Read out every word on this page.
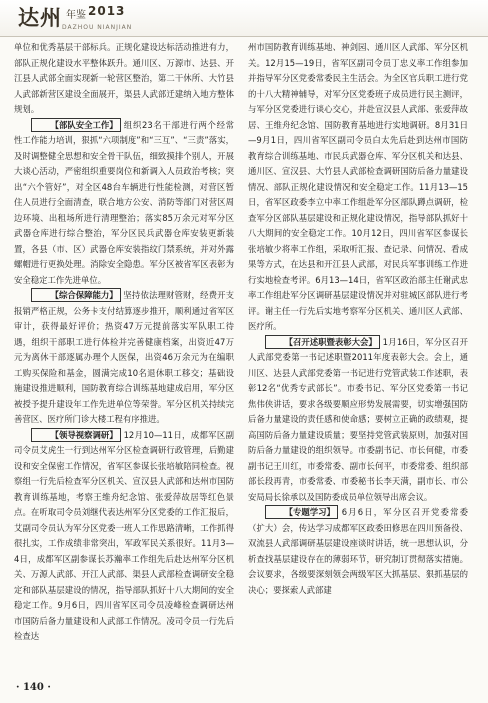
达州 年鉴 2013
DAZHOU NIANJIAN

单位和优秀基层干部标兵。正规化建设达标活动推进有力，部队正规化建设水平整体跃升。通川区、万源市、达县、开江县人武部全面实现新一轮营区整治，第二干休所、大竹县人武部新营区建设全面展开，渠县人武部迁建纳入地方整体规划。

【部队安全工作】 组织23名干部进行两个经常性工作能力培训，狠抓“六项制度”和“三互”、“三责”落实，及时调整健全思想和安全骨干队伍，细致摸排个别人，开展大谈心活动，严密组织重要岗位和新调入人员政治考核；突出“六个管好”，对全区48台车辆进行性能检测，对营区暂住人员进行全面清查，联合地方公安、消防等部门对营区周边环境、出租场所进行清理整治；落实85万余元对军分区武器仓库进行综合整治，军分区民兵武器仓库安装更新装置，各县（市、区）武器仓库安装指纹门禁系统，并对外露螺帽进行更换处理。消除安全隐患。军分区被省军区表彰为安全稳定工作先进单位。

【综合保障能力】 坚持依法理财管财，经费开支报销严格正规，公务卡支付结算逐步推开，顺利通过省军区审计，获得最好评价；热资47万元提前落实军队职工待遇，组织干部职工进行体检并完善健康档案，出资近47万元为离休干部逐属办理个人医保，出资46万余元为在编职工购买保险和基金，圆满完成10名退休职工移交；基础设施建设推进顺利，国防教育综合训练基地建成启用，军分区被授予提升建设年工作先进单位等荣誉。军分区机关持续完善营区、医疗所门诊大楼工程有序推进。

【领导视察调研】 12月10—11日，成都军区副司令员艾虎生一行到达州军分区检查调研行政管理，后勤建设和安全保密工作情况，省军区参谋长张培敏陪同检查。视察组一行先后检查军分区机关、宣汉县人武部和达州市国防教育训练基地，考察王维舟纪念馆、张爱萍故居等红色景点。在听取司令员刘继代表达州军分区党委的工作汇报后，艾副司令员认为军分区党委一班人工作思路清晰，工作抓得很扎实，工作成绩非常突出，军政军民关系很好。11月3—4日，成都军区副参谋长苏瀚率工作组先后赴达州军分区机关、万源人武部、开江人武部、渠县人武部检查调研安全稳定和部队基层建设的情况，指导部队抓好十八大期间的安全稳定工作。9月6日，四川省军区司令员凌峰检查调研达州市国防后备力量建设和人武部工作情况。凌司令员一行先后检查达

州市国防教育训练基地、神剑园、通川区人武部、军分区机关。12月15—19日，省军区副司令员丁忠义率工作组参加并指导军分区党委常委民主生活会。为全区官兵职工进行党的十八大精神辅导，对军分区党委班子成员进行民主测评，与军分区党委进行谈心交心，并赴宣汉县人武部、张爱萍故居、王维舟纪念馆、国防教育基地进行实地调研。8月31日—9月1日，四川省军区副司令员白太先后赴到达州市国防教育综合训练基地、市民兵武器仓库、军分区机关和达县、通川区、宣汉县、大竹县人武部检查调研国防后备力量建设情况、部队正规化建设情况和安全稳定工作。11月13—15日，省军区政委李立中率工作组赴军分区部队蹲点调研，检查军分区部队基层建设和正规化建设情况，指导部队抓好十八大期间的安全稳定工作。10月12日，四川省军区参谋长张培敏少将率工作组，采取听汇报、查记录、问情况、看成果等方式，在达县和开江县人武部，对民兵军事训练工作进行实地检查考评。6月13—14日，省军区政治部主任谢武忠率工作组赴军分区调研基层建设情况并对驻城区部队进行考评。谢主任一行先后实地考察军分区机关、通川区人武部、医疗所。

【召开述职暨表彰大会】 1月16日，军分区召开人武部党委第一书记述职暨2011年度表彰大会。会上，通川区、达县人武部党委第一书记进行党管武装工作述职，表彰12名“优秀专武部长”。市委书记、军分区党委第一书记焦伟侠讲话，要求各级要顺应形势发展需要，切实增强国防后备力量建设的责任感和使命感；要树立正确的政绩观，提高国防后备力量建设质量；要坚持党管武装原则，加强对国防后备力量建设的组织领导。市委副书记、市长何健，市委副书记王川红，市委常委、副市长何平，市委常委、组织部部长段再青，市委常委、市委秘书长李天满，副市长、市公安局局长徐承以及国防委成员单位领导出席会议。

【专题学习】 6月6日，军分区召开党委常委（扩大）会，传达学习成都军区政委田修思在四川预备役、双流县人武部调研基层建设座谈时讲话，统一思想认识，分析查找基层建设存在的薄弱环节，研究制订贯彻落实措施。会议要求，各级要深刻领会两级军区大抓基层、狠抓基层的决心；要探索人武部建

· 140 ·
